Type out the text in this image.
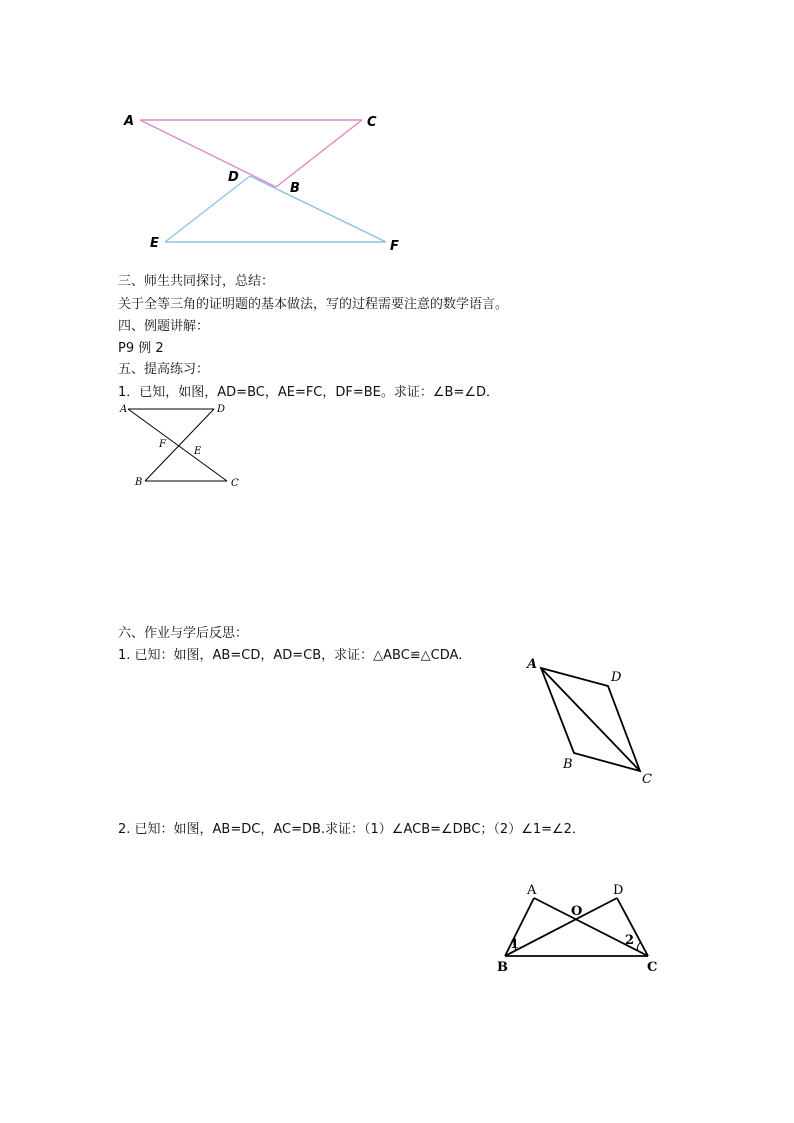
A	C
D
B
E	F
三、师生共同探讨，总结：
关于全等三角的证明题的基本做法，写的过程需要注意的数学语言。
四、例题讲解：
P9 例 2
五、提高练习：
1．已知，如图，AD=BC，AE=FC，DF=BE。求证：∠B=∠D．
A	D
F
E
B	C
六、作业与学后反思：
1. 已知：如图，AB=CD，AD=CB，求证：△ABC≌△CDA.
A
D
B
C
2. 已知：如图，AB=DC，AC=DB.求证：（1）∠ACB=∠DBC；（2）∠1=∠2．
A	D
O
B	C
1	2
